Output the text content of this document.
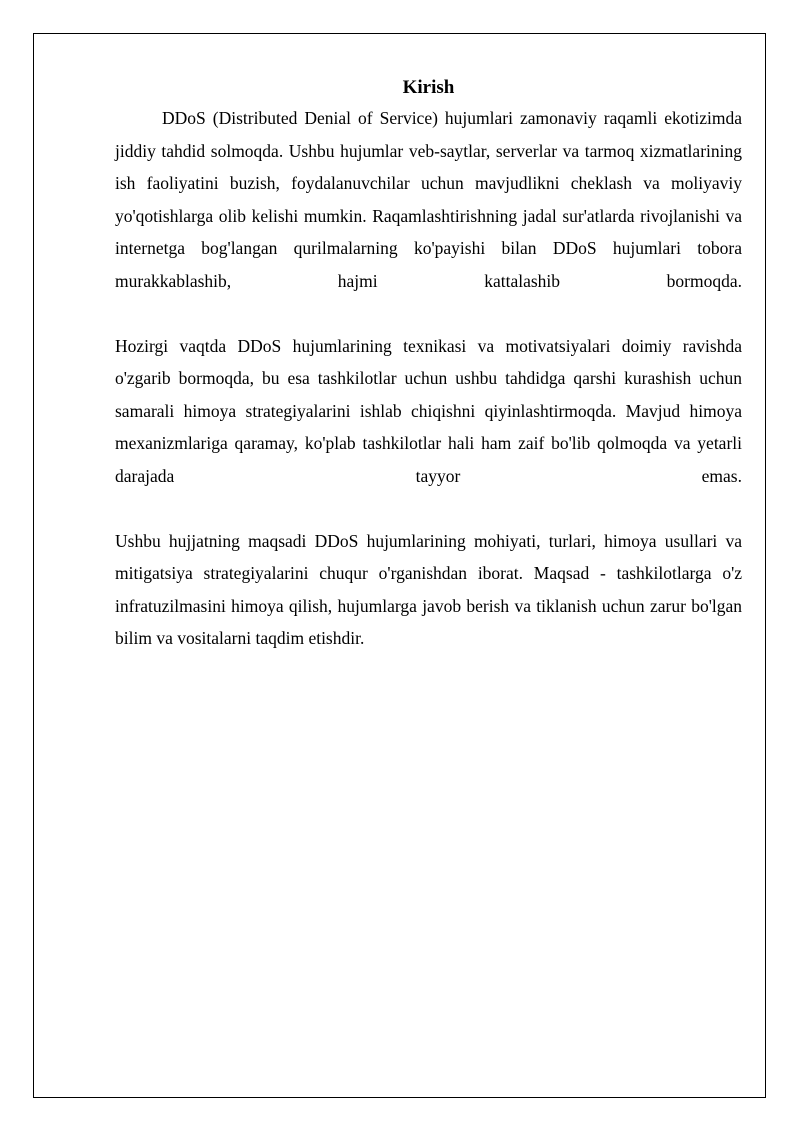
Kirish

DDoS (Distributed Denial of Service) hujumlari zamonaviy raqamli ekotizimda jiddiy tahdid solmoqda. Ushbu hujumlar veb-saytlar, serverlar va tarmoq xizmatlarining ish faoliyatini buzish, foydalanuvchilar uchun mavjudlikni cheklash va moliyaviy yo'qotishlarga olib kelishi mumkin. Raqamlashtirishning jadal sur'atlarda rivojlanishi va internetga bog'langan qurilmalarning ko'payishi bilan DDoS hujumlari tobora murakkablashib, hajmi kattalashib bormoqda.

Hozirgi vaqtda DDoS hujumlarining texnikasi va motivatsiyalari doimiy ravishda o'zgarib bormoqda, bu esa tashkilotlar uchun ushbu tahdidga qarshi kurashish uchun samarali himoya strategiyalarini ishlab chiqishni qiyinlashtirmoqda. Mavjud himoya mexanizmlariga qaramay, ko'plab tashkilotlar hali ham zaif bo'lib qolmoqda va yetarli darajada tayyor emas.

Ushbu hujjatning maqsadi DDoS hujumlarining mohiyati, turlari, himoya usullari va mitigatsiya strategiyalarini chuqur o'rganishdan iborat. Maqsad - tashkilotlarga o'z infratuzilmasini himoya qilish, hujumlarga javob berish va tiklanish uchun zarur bo'lgan bilim va vositalarni taqdim etishdir.
